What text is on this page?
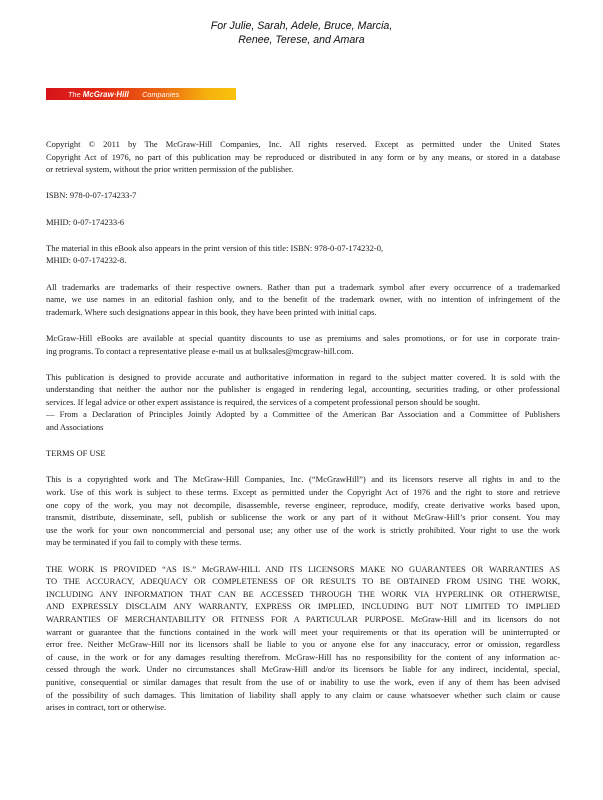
For Julie, Sarah, Adele, Bruce, Marcia,
Renee, Terese, and Amara
The McGraw·Hill Companies

Copyright © 2011 by The McGraw-Hill Companies, Inc. All rights reserved. Except as permitted under the United States
Copyright Act of 1976, no part of this publication may be reproduced or distributed in any form or by any means, or stored in a database
or retrieval system, without the prior written permission of the publisher.

ISBN: 978-0-07-174233-7

MHID: 0-07-174233-6

The material in this eBook also appears in the print version of this title: ISBN: 978-0-07-174232-0,
MHID: 0-07-174232-8.

All trademarks are trademarks of their respective owners. Rather than put a trademark symbol after every occurrence of a trademarked
name, we use names in an editorial fashion only, and to the benefit of the trademark owner, with no intention of infringement of the
trademark. Where such designations appear in this book, they have been printed with initial caps.

McGraw-Hill eBooks are available at special quantity discounts to use as premiums and sales promotions, or for use in corporate train-
ing programs. To contact a representative please e-mail us at bulksales@mcgraw-hill.com.

This publication is designed to provide accurate and authoritative information in regard to the subject matter covered. It is sold with the
understanding that neither the author nor the publisher is engaged in rendering legal, accounting, securities trading, or other professional
services. If legal advice or other expert assistance is required, the services of a competent professional person should be sought.
— From a Declaration of Principles Jointly Adopted by a Committee of the American Bar Association and a Committee of Publishers
and Associations

TERMS OF USE

This is a copyrighted work and The McGraw-Hill Companies, Inc. (“McGrawHill”) and its licensors reserve all rights in and to the
work. Use of this work is subject to these terms. Except as permitted under the Copyright Act of 1976 and the right to store and retrieve
one copy of the work, you may not decompile, disassemble, reverse engineer, reproduce, modify, create derivative works based upon,
transmit, distribute, disseminate, sell, publish or sublicense the work or any part of it without McGraw-Hill’s prior consent. You may
use the work for your own noncommercial and personal use; any other use of the work is strictly prohibited. Your right to use the work
may be terminated if you fail to comply with these terms.

THE WORK IS PROVIDED “AS IS.” McGRAW-HILL AND ITS LICENSORS MAKE NO GUARANTEES OR WARRANTIES AS
TO THE ACCURACY, ADEQUACY OR COMPLETENESS OF OR RESULTS TO BE OBTAINED FROM USING THE WORK,
INCLUDING ANY INFORMATION THAT CAN BE ACCESSED THROUGH THE WORK VIA HYPERLINK OR OTHERWISE,
AND EXPRESSLY DISCLAIM ANY WARRANTY, EXPRESS OR IMPLIED, INCLUDING BUT NOT LIMITED TO IMPLIED
WARRANTIES OF MERCHANTABILITY OR FITNESS FOR A PARTICULAR PURPOSE. McGraw-Hill and its licensors do not
warrant or guarantee that the functions contained in the work will meet your requirements or that its operation will be uninterrupted or
error free. Neither McGraw-Hill nor its licensors shall be liable to you or anyone else for any inaccuracy, error or omission, regardless
of cause, in the work or for any damages resulting therefrom. McGraw-Hill has no responsibility for the content of any information ac-
cessed through the work. Under no circumstances shall McGraw-Hill and/or its licensors be liable for any indirect, incidental, special,
punitive, consequential or similar damages that result from the use of or inability to use the work, even if any of them has been advised
of the possibility of such damages. This limitation of liability shall apply to any claim or cause whatsoever whether such claim or cause
arises in contract, tort or otherwise.
